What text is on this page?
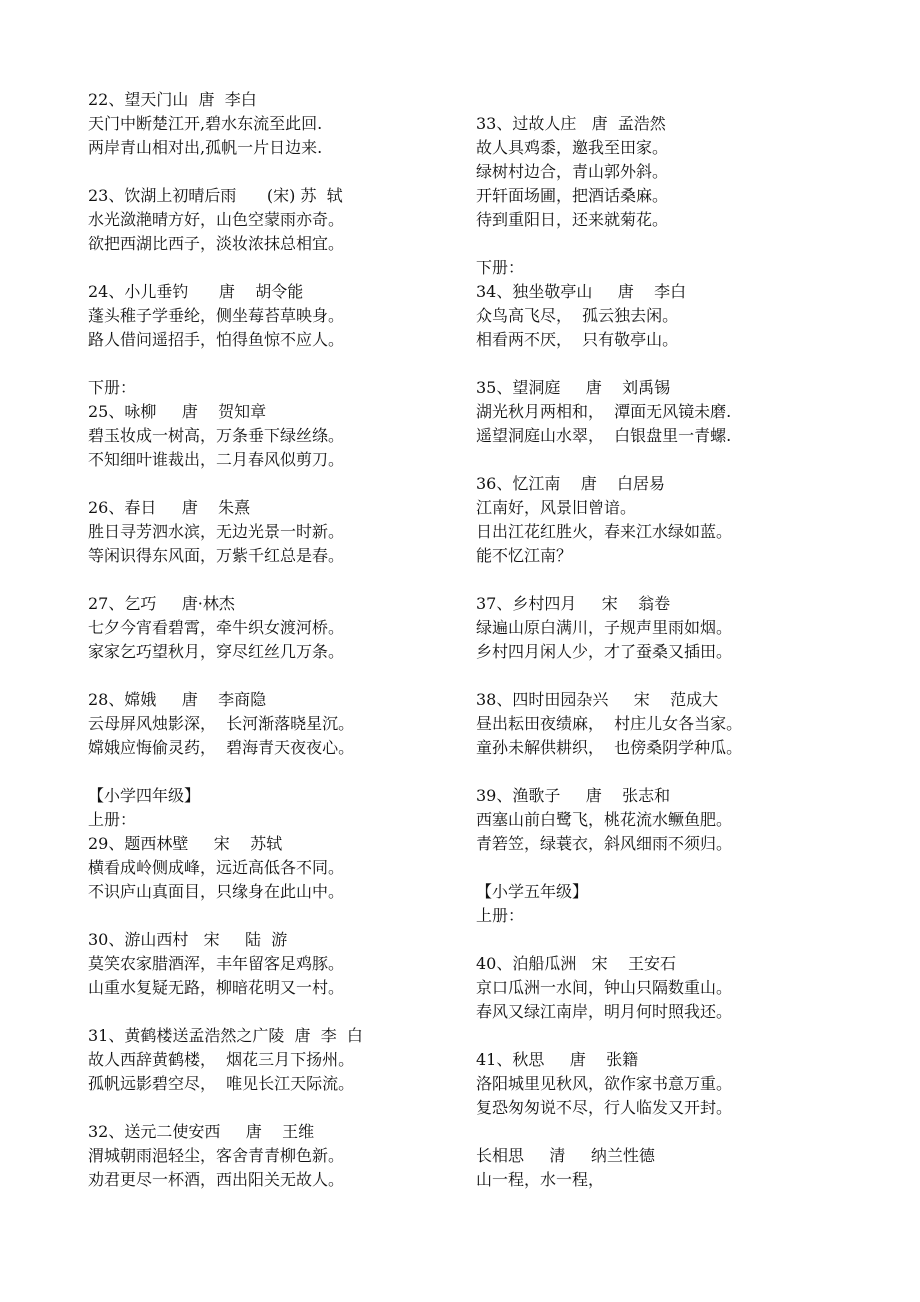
22、望天门山  唐  李白
天门中断楚江开,碧水东流至此回.
两岸青山相对出,孤帆一片日边来.
23、饮湖上初晴后雨      (宋) 苏  轼
水光潋滟晴方好，山色空蒙雨亦奇。
欲把西湖比西子，淡妆浓抹总相宜。
24、小儿垂钓      唐    胡令能
蓬头稚子学垂纶，侧坐莓苔草映身。
路人借问遥招手，怕得鱼惊不应人。
下册：
25、咏柳     唐    贺知章
碧玉妆成一树高，万条垂下绿丝绦。
不知细叶谁裁出，二月春风似剪刀。
26、春日     唐    朱熹
胜日寻芳泗水滨，无边光景一时新。
等闲识得东风面，万紫千红总是春。
27、乞巧     唐·林杰
七夕今宵看碧霄，牵牛织女渡河桥。
家家乞巧望秋月，穿尽红丝几万条。
28、嫦娥     唐    李商隐
云母屏风烛影深，  长河渐落晓星沉。
嫦娥应悔偷灵药，  碧海青天夜夜心。
【小学四年级】
上册：
29、题西林壁     宋    苏轼
横看成岭侧成峰，远近高低各不同。
不识庐山真面目，只缘身在此山中。
30、游山西村   宋     陆  游
莫笑农家腊酒浑，丰年留客足鸡豚。
山重水复疑无路，柳暗花明又一村。
31、黄鹤楼送孟浩然之广陵  唐  李  白
故人西辞黄鹤楼，  烟花三月下扬州。
孤帆远影碧空尽，  唯见长江天际流。
32、送元二使安西     唐    王维
渭城朝雨浥轻尘，客舍青青柳色新。
劝君更尽一杯酒，西出阳关无故人。
33、过故人庄   唐  孟浩然
故人具鸡黍，邀我至田家。
绿树村边合，青山郭外斜。
开轩面场圃，把酒话桑麻。
待到重阳日，还来就菊花。
下册：
34、独坐敬亭山     唐    李白
众鸟高飞尽，  孤云独去闲。
相看两不厌，  只有敬亭山。
35、望洞庭     唐    刘禹锡
湖光秋月两相和，  潭面无风镜未磨.
遥望洞庭山水翠，  白银盘里一青螺.
36、忆江南    唐    白居易
江南好，风景旧曾谙。
日出江花红胜火，春来江水绿如蓝。
能不忆江南？
37、乡村四月     宋    翁卷
绿遍山原白满川，子规声里雨如烟。
乡村四月闲人少，才了蚕桑又插田。
38、四时田园杂兴     宋    范成大
昼出耘田夜绩麻，  村庄儿女各当家。
童孙未解供耕织，  也傍桑阴学种瓜。
39、渔歌子     唐    张志和
西塞山前白鹭飞，桃花流水鳜鱼肥。
青箬笠，绿蓑衣，斜风细雨不须归。
【小学五年级】
上册：
40、泊船瓜洲   宋    王安石
京口瓜洲一水间，钟山只隔数重山。
春风又绿江南岸，明月何时照我还。
41、秋思     唐    张籍
洛阳城里见秋风，欲作家书意万重。
复恐匆匆说不尽，行人临发又开封。
长相思     清     纳兰性德
山一程，水一程，
